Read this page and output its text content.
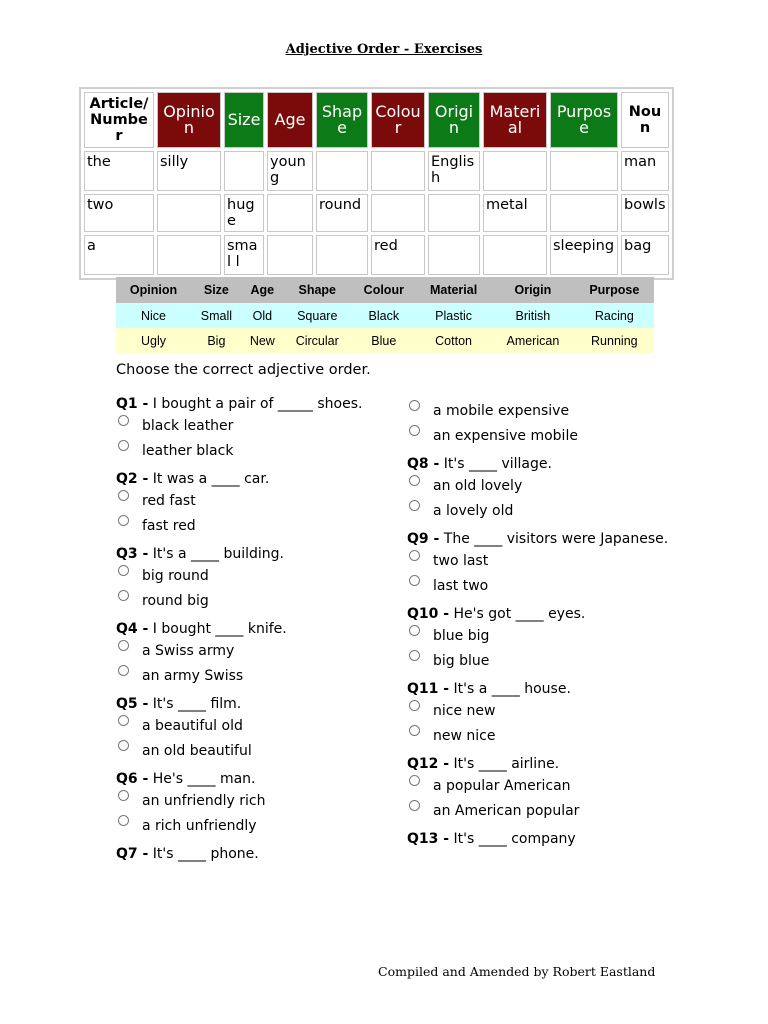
Adjective Order - Exercises
Article/ Numbe r	Opinio n	Size	Age	Shap e	Colou r	Origi n	Materi al	Purpos e	Noun
the	silly		youn g			Englis h			man
two		huge		round			metal		bowls
a		smal l			red			sleeping	bag
Opinion	Size	Age	Shape	Colour	Material	Origin	Purpose
Nice	Small	Old	Square	Black	Plastic	British	Racing
Ugly	Big	New	Circular	Blue	Cotton	American	Running
Choose the correct adjective order.

Q1 - I bought a pair of _____ shoes.

black leather
leather black

Q2 - It was a ____ car.

red fast
fast red

Q3 - It's a ____ building.

big round
round big

Q4 - I bought ____ knife.

a Swiss army
an army Swiss

Q5 - It's ____ film.

a beautiful old
an old beautiful

Q6 - He's ____ man.

an unfriendly rich
a rich unfriendly

Q7 - It's ____ phone.

a mobile expensive
an expensive mobile

Q8 - It's ____ village.

an old lovely
a lovely old

Q9 - The ____ visitors were Japanese.

two last
last two

Q10 - He's got ____ eyes.

blue big
big blue

Q11 - It's a ____ house.

nice new
new nice

Q12 - It's ____ airline.

a popular American
an American popular

Q13 - It's ____ company

Compiled and Amended by Robert Eastland
